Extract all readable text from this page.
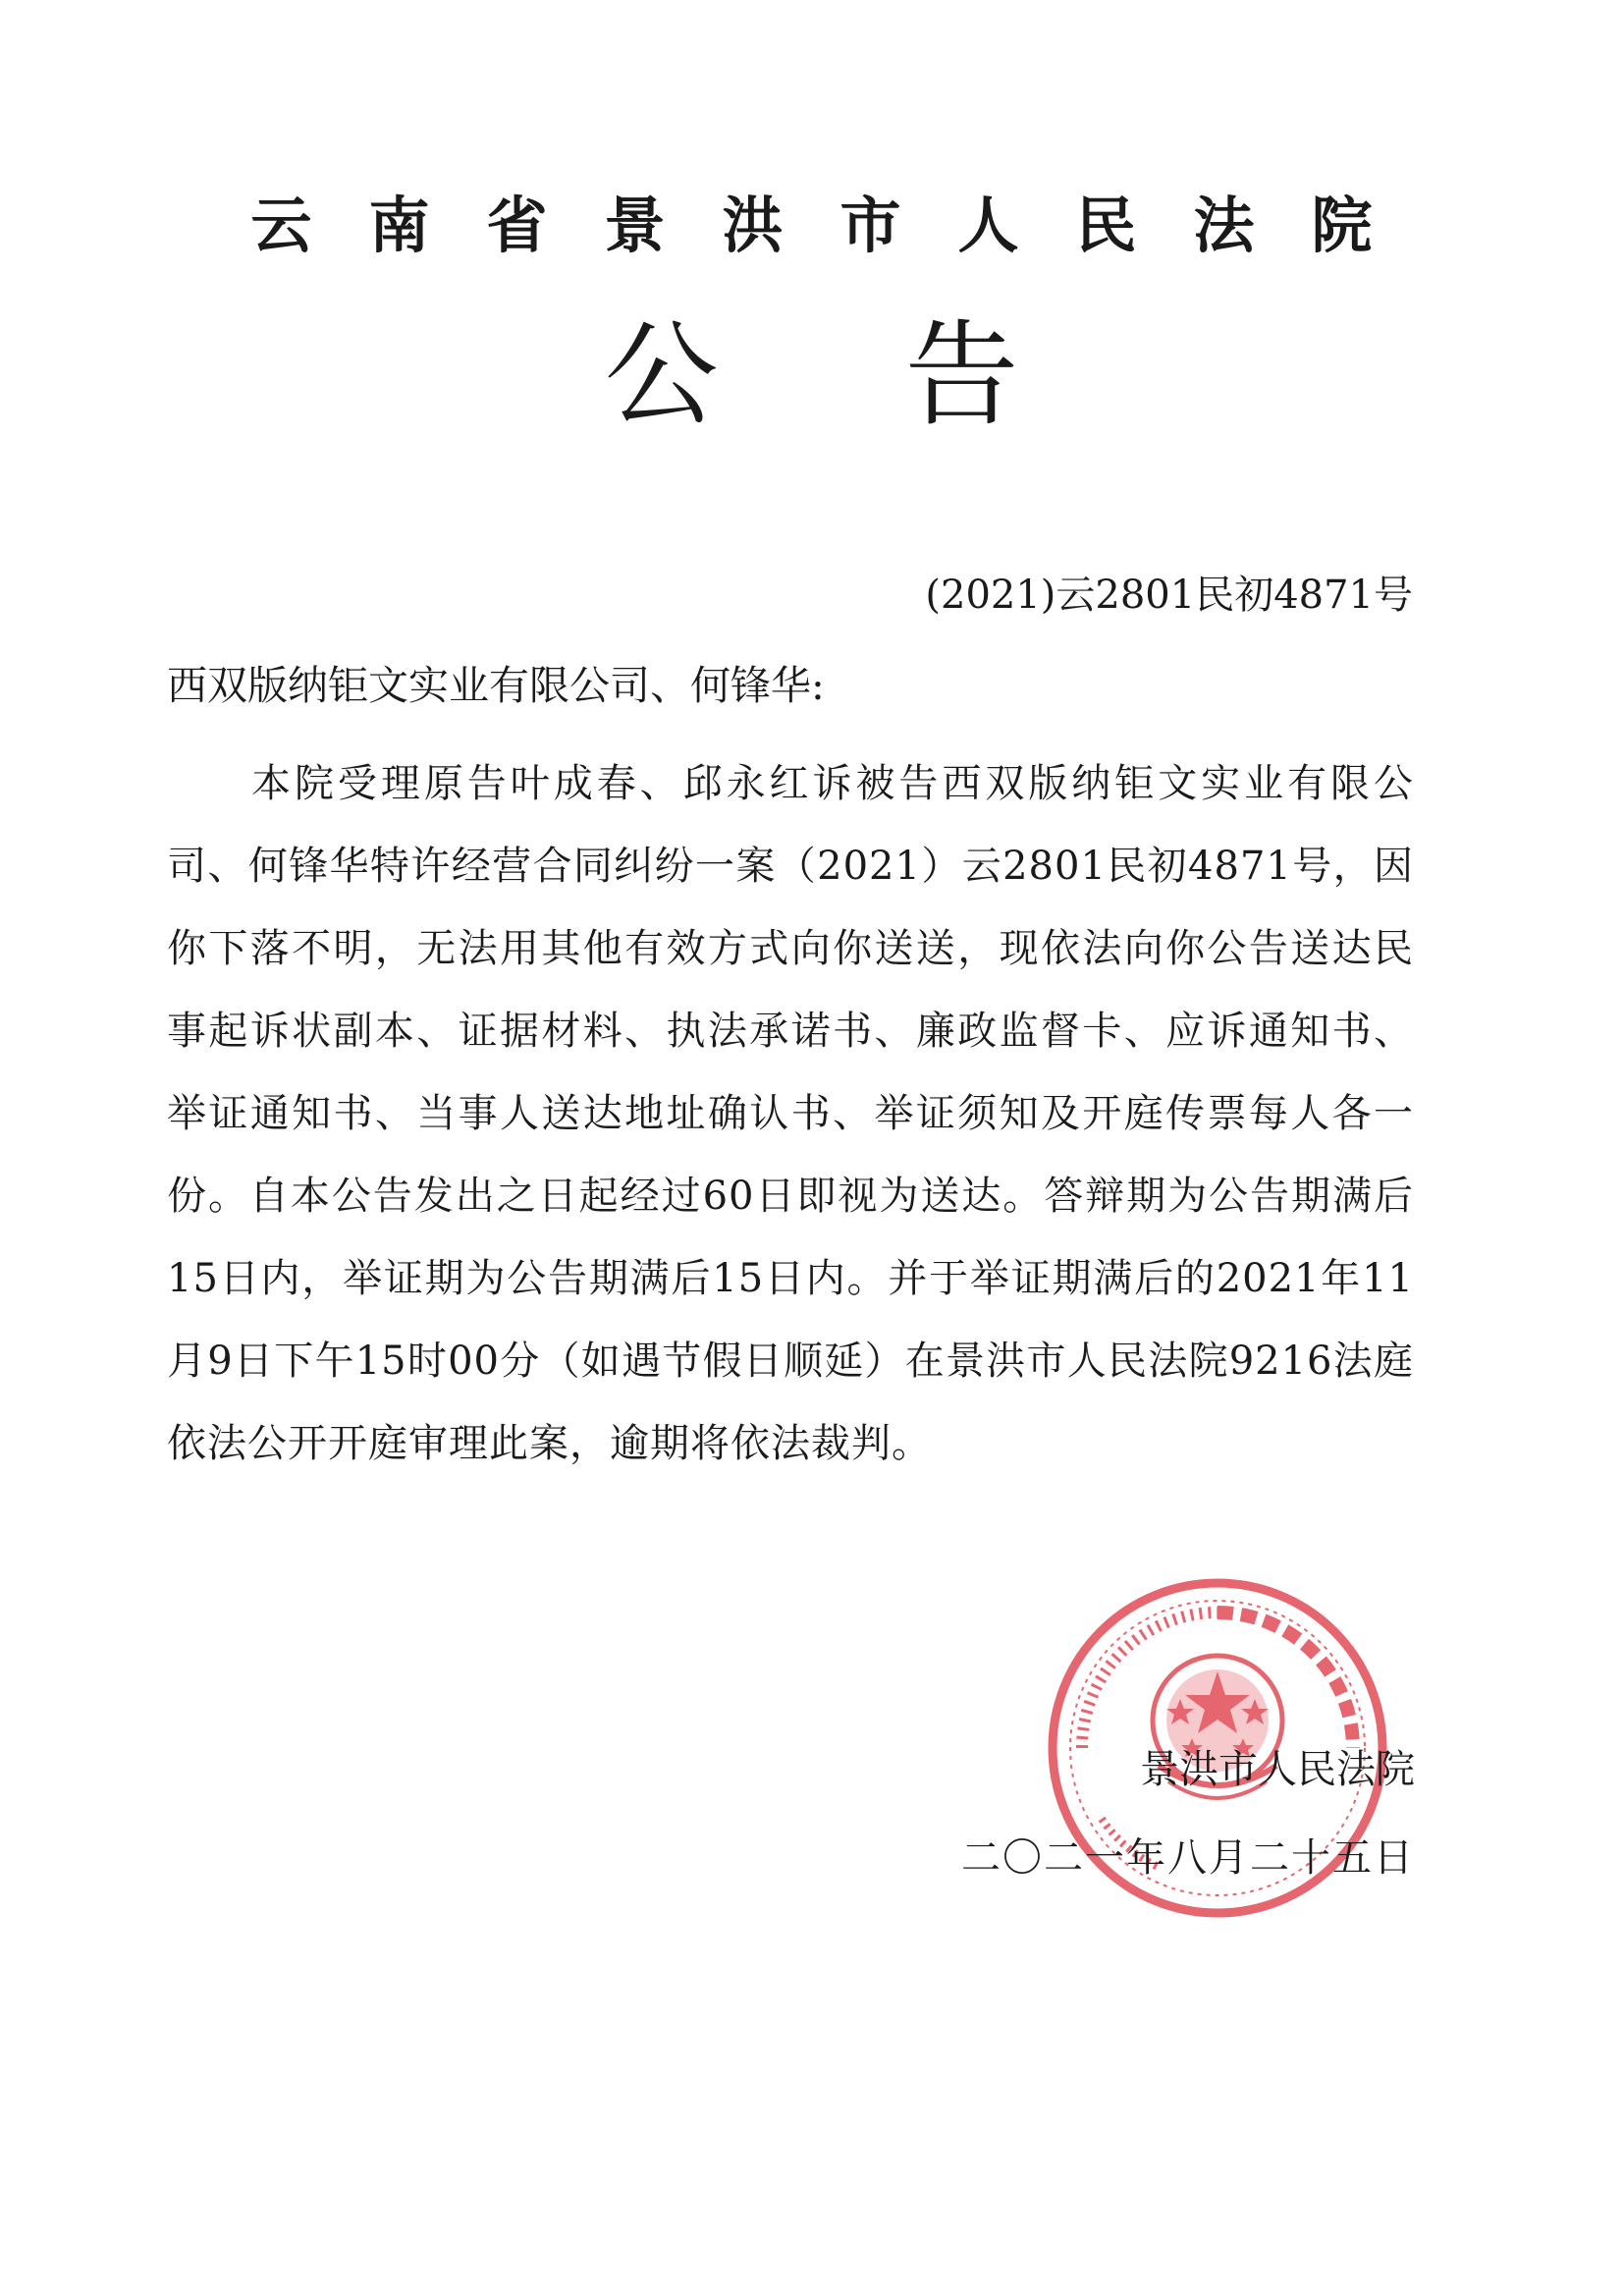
云南省景洪市人民法院
公告
(2021)云2801民初4871号
西双版纳钜文实业有限公司、何锋华:
本院受理原告叶成春、邱永红诉被告西双版纳钜文实业有限公司、何锋华特许经营合同纠纷一案（2021）云2801民初4871号，因你下落不明，无法用其他有效方式向你送送，现依法向你公告送达民事起诉状副本、证据材料、执法承诺书、廉政监督卡、应诉通知书、举证通知书、当事人送达地址确认书、举证须知及开庭传票每人各一份。自本公告发出之日起经过60日即视为送达。答辩期为公告期满后15日内，举证期为公告期满后15日内。并于举证期满后的2021年11月9日下午15时00分（如遇节假日顺延）在景洪市人民法院9216法庭依法公开开庭审理此案，逾期将依法裁判。
景洪市人民法院
二〇二一年八月二十五日
